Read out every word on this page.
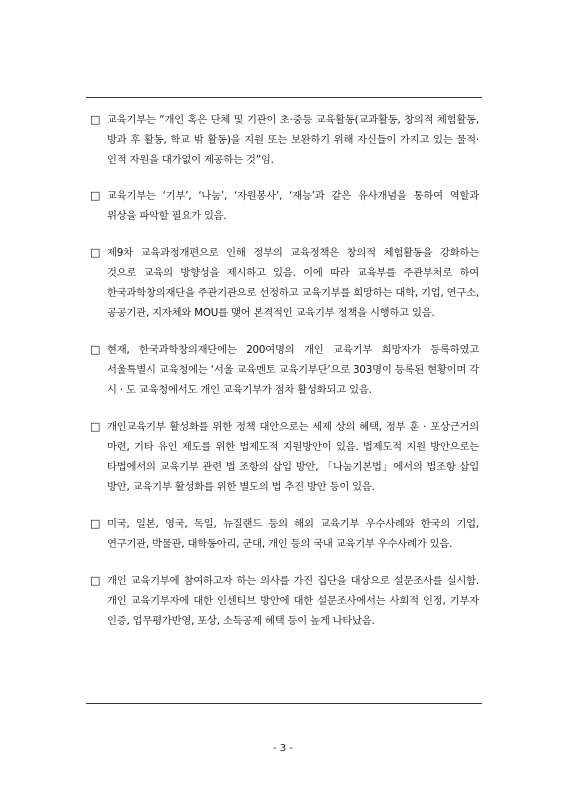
□ 교육기부는 “개인 혹은 단체 및 기관이 초·중등 교육활동(교과활동, 창의적 체험활동, 방과 후 활동, 학교 밖 활동)을 지원 또는 보완하기 위해 자신들이 가지고 있는 물적·인적 자원을 대가없이 제공하는 것”임.
□ 교육기부는 ‘기부’, ‘나눔’, ‘자원봉사’, ‘재능’과 같은 유사개념을 통하여 역할과 위상을 파악할 필요가 있음.
□ 제9차 교육과정개편으로 인해 정부의 교육정책은 창의적 체험활동을 강화하는 것으로 교육의 방향성을 제시하고 있음. 이에 따라 교육부를 주관부처로 하여 한국과학창의재단을 주관기관으로 선정하고 교육기부를 희망하는 대학, 기업, 연구소, 공공기관, 지자체와 MOU를 맺어 본격적인 교육기부 정책을 시행하고 있음.
□ 현재, 한국과학창의재단에는 200여명의 개인 교육기부 희망자가 등록하였고 서울특별시 교육청에는 ‘서울 교육멘토 교육기부단’으로 303명이 등록된 현황이며 각 시 · 도 교육청에서도 개인 교육기부가 점차 활성화되고 있음.
□ 개인교육기부 활성화를 위한 정책 대안으로는 세제 상의 혜택, 정부 훈 · 포상근거의 마련, 기타 유인 제도를 위한 법제도적 지원방안이 있음. 법제도적 지원 방안으로는 타법에서의 교육기부 관련 법 조항의 삽입 방안, 「나눔기본법」에서의 법조항 삽입 방안, 교육기부 활성화를 위한 별도의 법 추진 방안 등이 있음.
□ 미국, 일본, 영국, 독일, 뉴질랜드 등의 해외 교육기부 우수사례와 한국의 기업, 연구기관, 박물관, 대학동아리, 군대, 개인 등의 국내 교육기부 우수사례가 있음.
□ 개인 교육기부에 참여하고자 하는 의사를 가진 집단을 대상으로 설문조사를 실시함. 개인 교육기부자에 대한 인센티브 방안에 대한 설문조사에서는 사회적 인정, 기부자 인증, 업무평가반영, 포상, 소득공제 혜택 등이 높게 나타났음.
- 3 -
